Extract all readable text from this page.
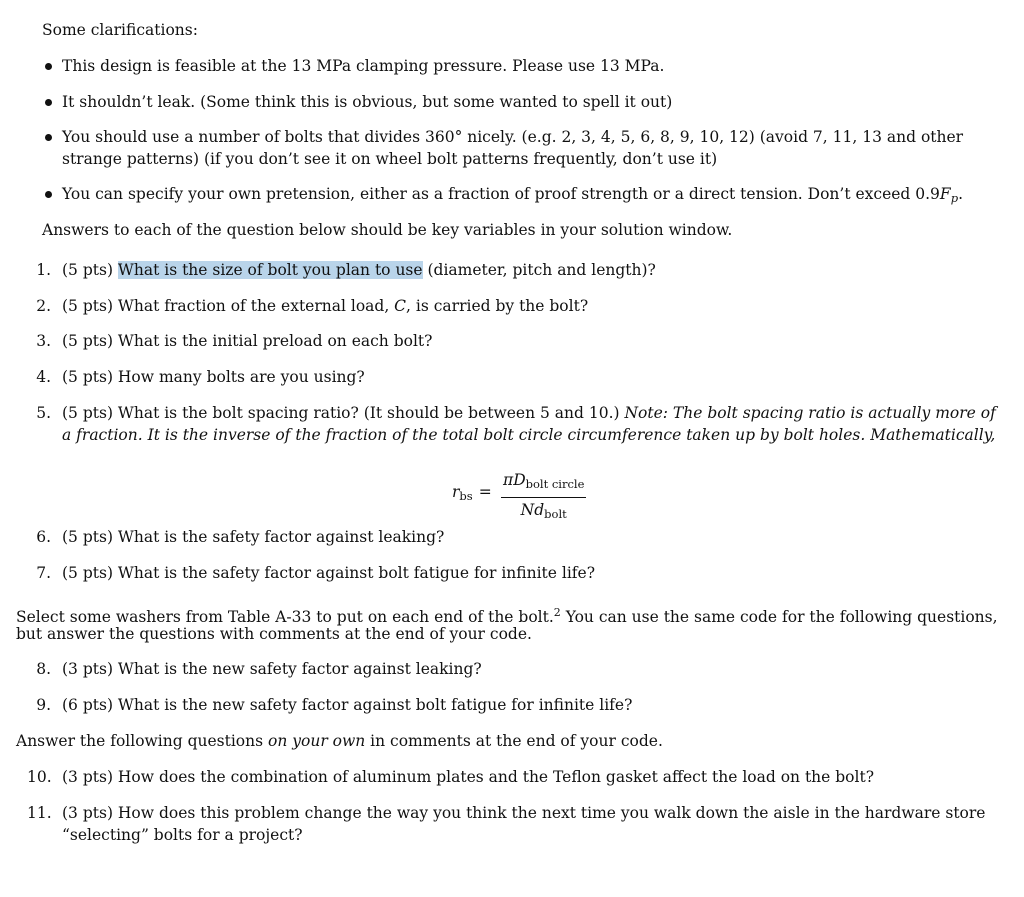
Some clarifications:
This design is feasible at the 13 MPa clamping pressure. Please use 13 MPa.
It shouldn’t leak. (Some think this is obvious, but some wanted to spell it out)
You should use a number of bolts that divides 360° nicely. (e.g. 2, 3, 4, 5, 6, 8, 9, 10, 12) (avoid 7, 11, 13 and other
strange patterns) (if you don’t see it on wheel bolt patterns frequently, don’t use it)
You can specify your own pretension, either as a fraction of proof strength or a direct tension. Don’t exceed $0.9F_p$.
Answers to each of the question below should be key variables in your solution window.
1. (5 pts) What is the size of bolt you plan to use (diameter, pitch and length)?
2. (5 pts) What fraction of the external load, C, is carried by the bolt?
3. (5 pts) What is the initial preload on each bolt?
4. (5 pts) How many bolts are you using?
5. (5 pts) What is the bolt spacing ratio? (It should be between 5 and 10.) Note: The bolt spacing ratio is actually more of
a fraction. It is the inverse of the fraction of the total bolt circle circumference taken up by bolt holes. Mathematically,
$r_{bs}$ =
$\pi D_{bolt circle}$
$Nd_{bolt}$
6. (5 pts) What is the safety factor against leaking?
7. (5 pts) What is the safety factor against bolt fatigue for infinite life?
Select some washers from Table A-33 to put on each end of the bolt.$^2$ You can use the same code for the following questions,
but answer the questions with comments at the end of your code.
8. (3 pts) What is the new safety factor against leaking?
9. (6 pts) What is the new safety factor against bolt fatigue for infinite life?
Answer the following questions on your own in comments at the end of your code.
10. (3 pts) How does the combination of aluminum plates and the Teflon gasket affect the load on the bolt?
11. (3 pts) How does this problem change the way you think the next time you walk down the aisle in the hardware store
“selecting” bolts for a project?
